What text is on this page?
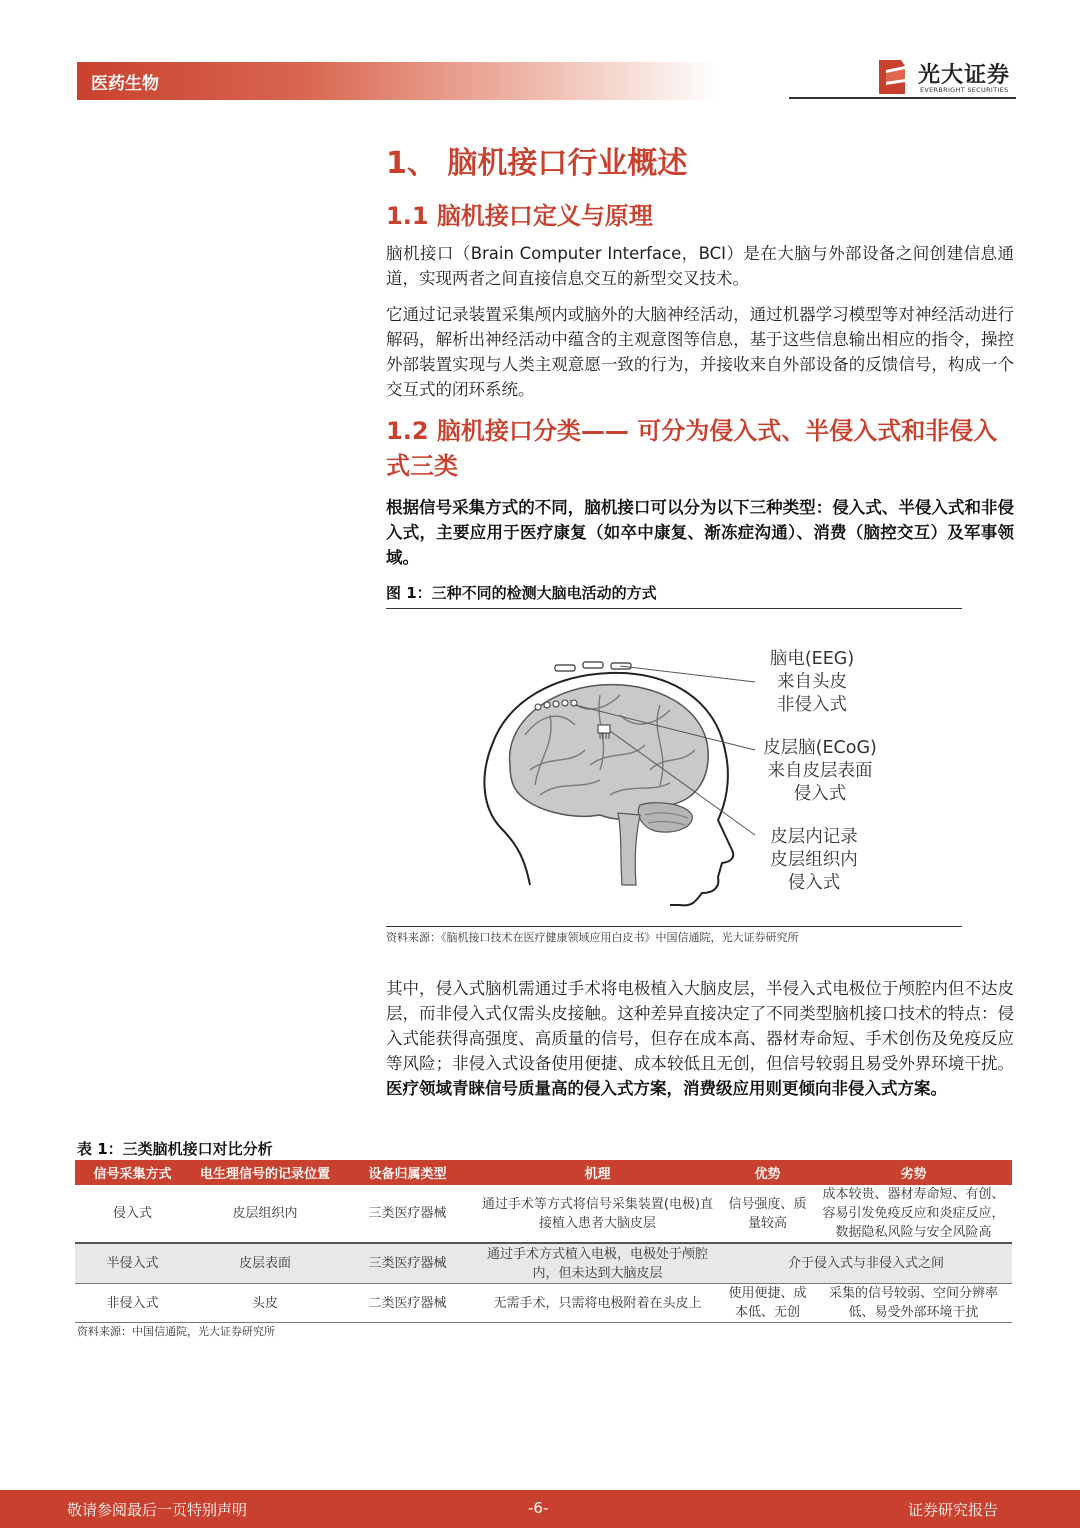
医药生物	光大证券
EVERBRIGHT SECURITIES
1、 脑机接口行业概述
1.1 脑机接口定义与原理
脑机接口（Brain Computer Interface，BCI）是在大脑与外部设备之间创建信息通道，实现两者之间直接信息交互的新型交叉技术。
它通过记录装置采集颅内或脑外的大脑神经活动，通过机器学习模型等对神经活动进行解码，解析出神经活动中蕴含的主观意图等信息，基于这些信息输出相应的指令，操控外部装置实现与人类主观意愿一致的行为，并接收来自外部设备的反馈信号，构成一个交互式的闭环系统。
1.2 脑机接口分类—— 可分为侵入式、半侵入式和非侵入式三类
根据信号采集方式的不同，脑机接口可以分为以下三种类型：侵入式、半侵入式和非侵入式，主要应用于医疗康复（如卒中康复、渐冻症沟通）、消费（脑控交互）及军事领域。
图 1：三种不同的检测大脑电活动的方式
脑电(EEG)
来自头皮
非侵入式
皮层脑(ECoG)
来自皮层表面
侵入式
皮层内记录
皮层组织内
侵入式
资料来源：《脑机接口技术在医疗健康领域应用白皮书》中国信通院，光大证券研究所
其中，侵入式脑机需通过手术将电极植入大脑皮层，半侵入式电极位于颅腔内但不达皮层，而非侵入式仅需头皮接触。这种差异直接决定了不同类型脑机接口技术的特点：侵入式能获得高强度、高质量的信号，但存在成本高、器材寿命短、手术创伤及免疫反应等风险；非侵入式设备使用便捷、成本较低且无创，但信号较弱且易受外界环境干扰。医疗领域青睐信号质量高的侵入式方案，消费级应用则更倾向非侵入式方案。
表 1：三类脑机接口对比分析
信号采集方式	电生理信号的记录位置	设备归属类型	机理	优势	劣势
侵入式	皮层组织内	三类医疗器械	通过手术等方式将信号采集装置(电极)直接植入患者大脑皮层	信号强度、质量较高	成本较贵、器材寿命短、有创、容易引发免疫反应和炎症反应，数据隐私风险与安全风险高
半侵入式	皮层表面	三类医疗器械	通过手术方式植入电极，电极处于颅腔内，但未达到大脑皮层	介于侵入式与非侵入式之间	
非侵入式	头皮	二类医疗器械	无需手术，只需将电极附着在头皮上	使用便捷、成本低、无创	采集的信号较弱、空间分辨率低、易受外部环境干扰
资料来源：中国信通院，光大证券研究所
敬请参阅最后一页特别声明	-6-	证券研究报告
